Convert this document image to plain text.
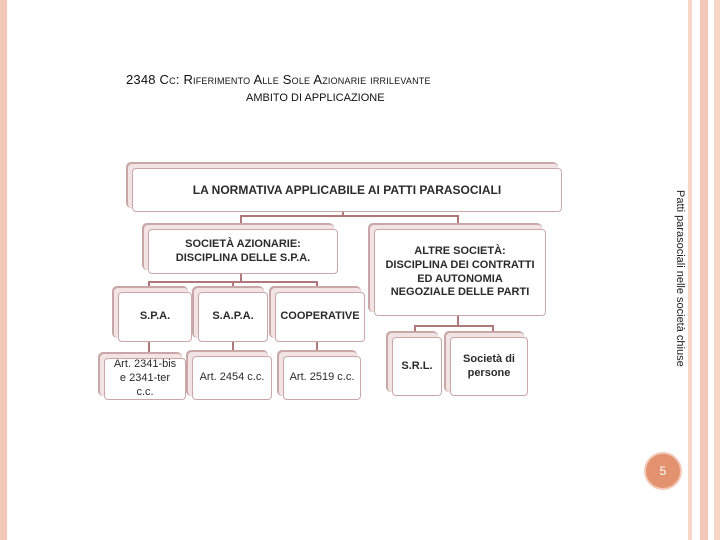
2348 Cc: Riferimento Alle Sole Azionarie irrilevante
AMBITO DI APPLICAZIONE
Patti parasociali nelle società chiuse
5
LA NORMATIVA APPLICABILE AI PATTI PARASOCIALI
SOCIETÀ AZIONARIE: DISCIPLINA DELLE S.P.A.
ALTRE SOCIETÀ: DISCIPLINA DEI CONTRATTI ED AUTONOMIA NEGOZIALE DELLE PARTI
S.P.A.	S.A.P.A.	COOPERATIVE
Art. 2341-bis e 2341-ter c.c.
Art. 2454 c.c.	Art. 2519 c.c.
S.R.L.
Società di persone
